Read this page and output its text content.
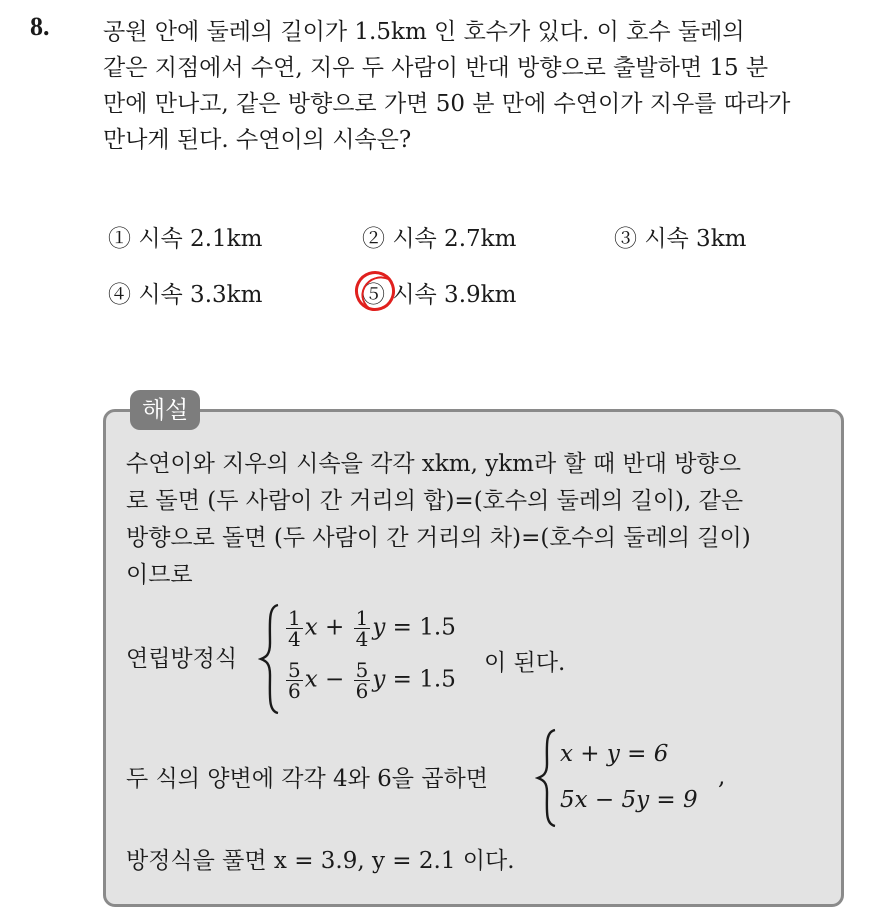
8. 공원 안에 둘레의 길이가 1.5km 인 호수가 있다. 이 호수 둘레의
같은 지점에서 수연, 지우 두 사람이 반대 방향으로 출발하면 15 분
만에 만나고, 같은 방향으로 가면 50 분 만에 수연이가 지우를 따라가
만나게 된다. 수연이의 시속은?
① 시속 2.1km	② 시속 2.7km	③ 시속 3km
④ 시속 3.3km	⑤ 시속 3.9km
해설
수연이와 지우의 시속을 각각 xkm, ykm라 할 때 반대 방향으
로 돌면 (두 사람이 간 거리의 합)=(호수의 둘레의 길이), 같은
방향으로 돌면 (두 사람이 간 거리의 차)=(호수의 둘레의 길이)
이므로
연립방정식
$\frac{1}{4}$ $x + \frac{1}{4}$ y = 1.5
$\frac{5}{6}$ $x - \frac{5}{6}$ y = 1.5
이 된다.
두 식의 양변에 각각 4와 6을 곱하면
x + y = 6
5x − 5y = 9
,
방정식을 풀면 x = 3.9, y = 2.1 이다.
